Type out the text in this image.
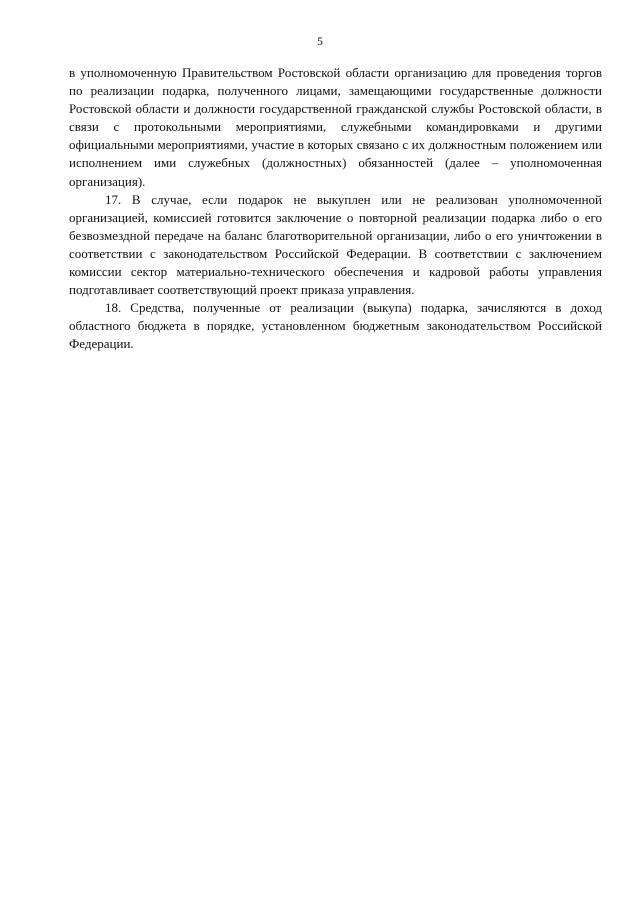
5

в уполномоченную Правительством Ростовской области организацию для проведения торгов по реализации подарка, полученного лицами, замещающими государственные должности Ростовской области и должности государственной гражданской службы Ростовской области, в связи с протокольными мероприятиями, служебными командировками и другими официальными мероприятиями, участие в которых связано с их должностным положением или исполнением ими служебных (должностных) обязанностей (далее – уполномоченная организация).

17. В случае, если подарок не выкуплен или не реализован уполномоченной организацией, комиссией готовится заключение о повторной реализации подарка либо о его безвозмездной передаче на баланс благотворительной организации, либо о его уничтожении в соответствии с законодательством Российской Федерации. В соответствии с заключением комиссии сектор материально-технического обеспечения и кадровой работы управления подготавливает соответствующий проект приказа управления.

18. Средства, полученные от реализации (выкупа) подарка, зачисляются в доход областного бюджета в порядке, установленном бюджетным законодательством Российской Федерации.
